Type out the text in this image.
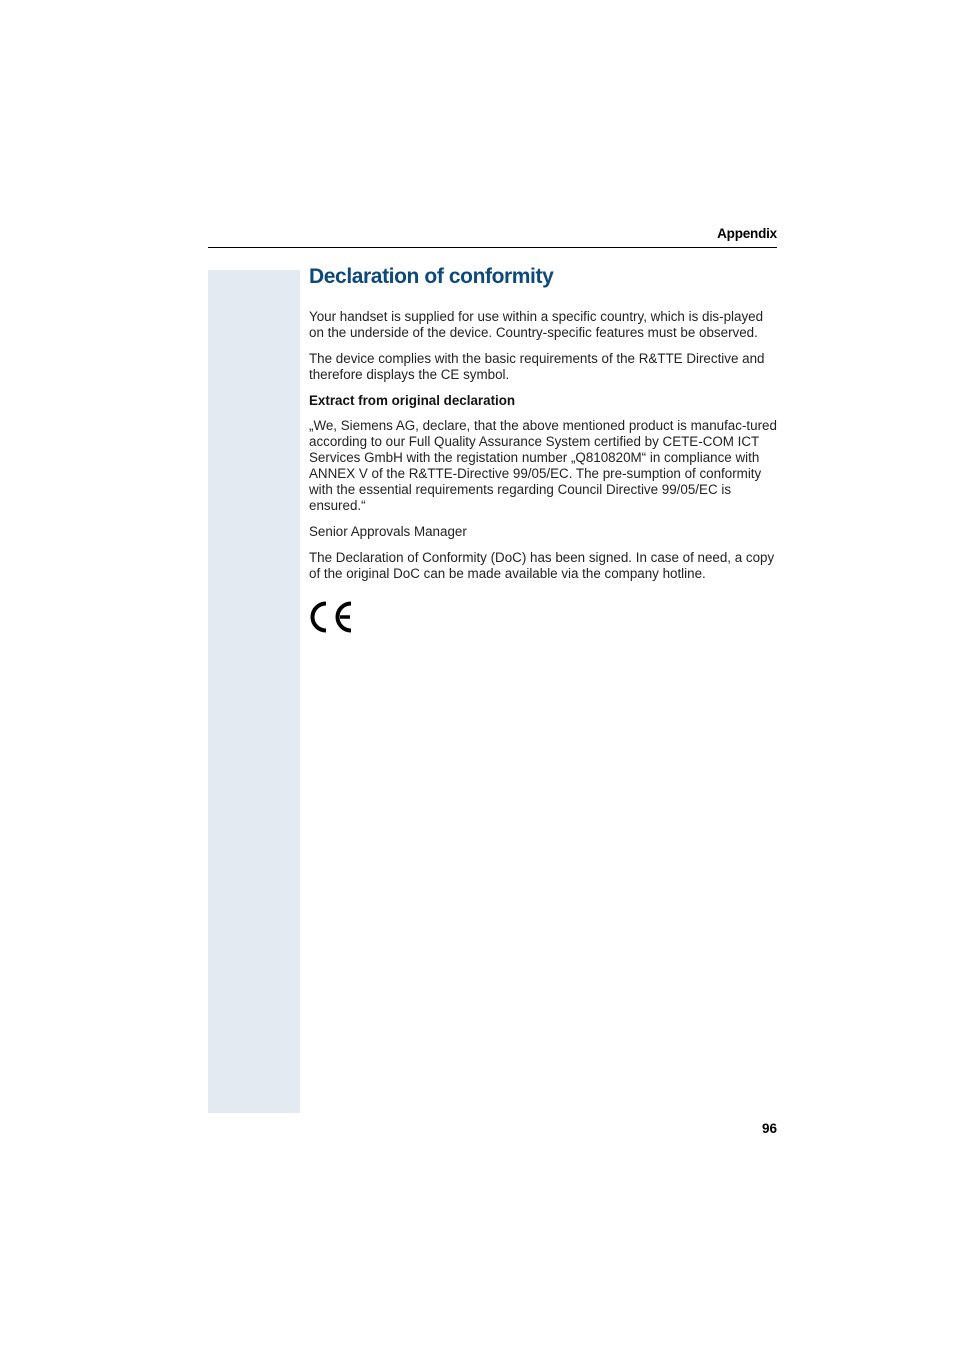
Appendix
Declaration of conformity

Your handset is supplied for use within a specific country, which is dis-played on the underside of the device. Country-specific features must be observed.

The device complies with the basic requirements of the R&TTE Directive and therefore displays the CE symbol.

Extract from original declaration

„We, Siemens AG, declare, that the above mentioned product is manufac-tured according to our Full Quality Assurance System certified by CETE-COM ICT Services GmbH with the registation number „Q810820M“ in compliance with ANNEX V of the R&TTE-Directive 99/05/EC. The pre-sumption of conformity with the essential requirements regarding Council Directive 99/05/EC is ensured.“

Senior Approvals Manager

The Declaration of Conformity (DoC) has been signed. In case of need, a copy of the original DoC can be made available via the company hotline.

96
